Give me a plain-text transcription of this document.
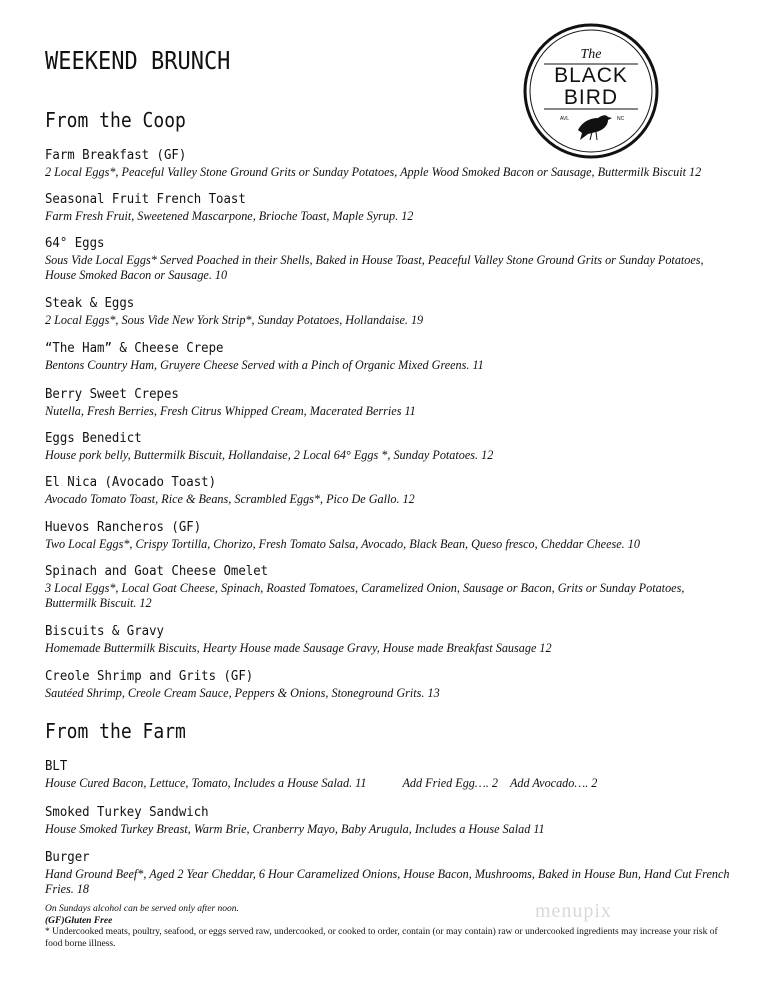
WEEKEND BRUNCH	The
BLACK
BIRD
AVL	NC
From the Coop
Farm Breakfast (GF)
2 Local Eggs*, Peaceful Valley Stone Ground Grits or Sunday Potatoes, Apple Wood Smoked Bacon or Sausage, Buttermilk Biscuit 12
Seasonal Fruit French Toast
Farm Fresh Fruit, Sweetened Mascarpone, Brioche Toast, Maple Syrup. 12
64° Eggs
Sous Vide Local Eggs* Served Poached in their Shells, Baked in House Toast, Peaceful Valley Stone Ground Grits or Sunday Potatoes, House Smoked Bacon or Sausage. 10
Steak & Eggs
2 Local Eggs*, Sous Vide New York Strip*, Sunday Potatoes, Hollandaise. 19
“The Ham” & Cheese Crepe
Bentons Country Ham, Gruyere Cheese Served with a Pinch of Organic Mixed Greens. 11
Berry Sweet Crepes
Nutella, Fresh Berries, Fresh Citrus Whipped Cream, Macerated Berries 11
Eggs Benedict
House pork belly, Buttermilk Biscuit, Hollandaise, 2 Local 64° Eggs *, Sunday Potatoes. 12
El Nica (Avocado Toast)
Avocado Tomato Toast, Rice & Beans, Scrambled Eggs*, Pico De Gallo. 12
Huevos Rancheros (GF)
Two Local Eggs*, Crispy Tortilla, Chorizo, Fresh Tomato Salsa, Avocado, Black Bean, Queso fresco, Cheddar Cheese. 10
Spinach and Goat Cheese Omelet
3 Local Eggs*, Local Goat Cheese, Spinach, Roasted Tomatoes, Caramelized Onion, Sausage or Bacon, Grits or Sunday Potatoes, Buttermilk Biscuit. 12
Biscuits & Gravy
Homemade Buttermilk Biscuits, Hearty House made Sausage Gravy, House made Breakfast Sausage 12
Creole Shrimp and Grits (GF)
Sautéed Shrimp, Creole Cream Sauce, Peppers & Onions, Stoneground Grits. 13
From the Farm
BLT
House Cured Bacon, Lettuce, Tomato, Includes a House Salad. 11	Add Fried Egg…. 2 Add Avocado…. 2
Smoked Turkey Sandwich
House Smoked Turkey Breast, Warm Brie, Cranberry Mayo, Baby Arugula, Includes a House Salad 11
Burger
Hand Ground Beef*, Aged 2 Year Cheddar, 6 Hour Caramelized Onions, House Bacon, Mushrooms, Baked in House Bun, Hand Cut French Fries. 18
On Sundays alcohol can be served only after noon.
(GF)Gluten Free
* Undercooked meats, poultry, seafood, or eggs served raw, undercooked, or cooked to order, contain (or may contain) raw or undercooked ingredients may increase your risk of food borne illness.
menupix
